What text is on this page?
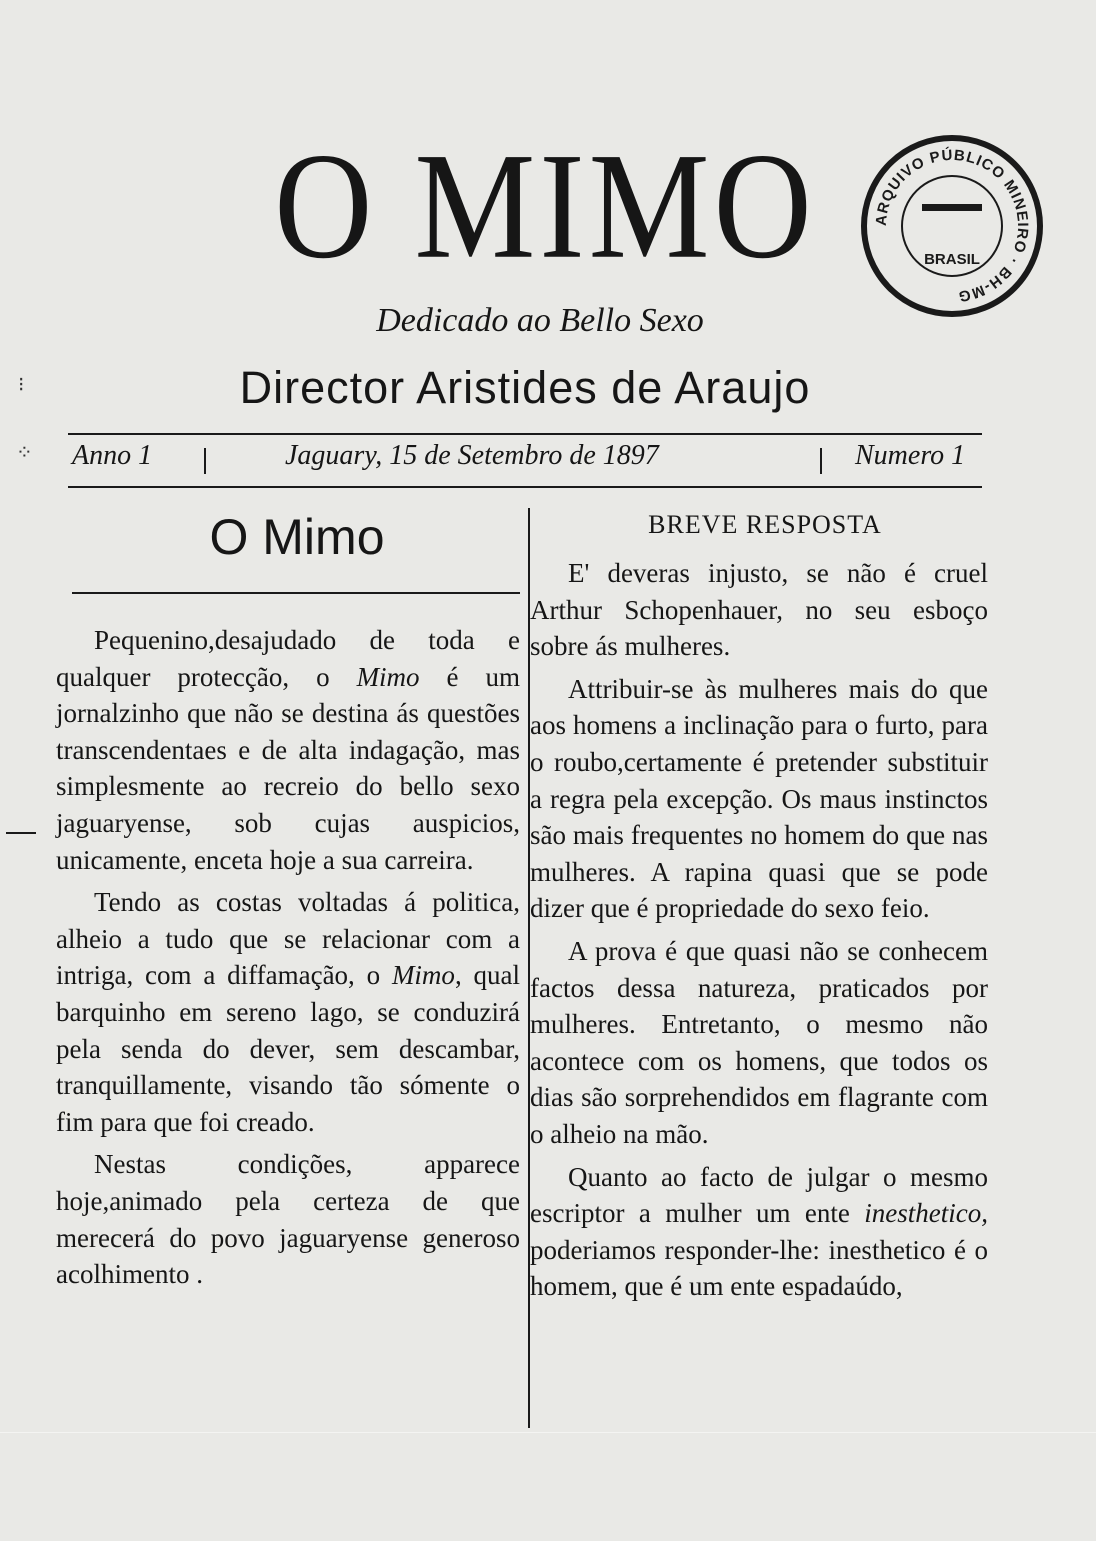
O MIMO	ARQUIVO PÚBLICO MINEIRO · BH-MG
BRASIL
Dedicado ao Bello Sexo
Director Aristides de Araujo
Anno 1	Jaguary, 15 de Setembro de 1897	Numero 1
O Mimo

Pequenino,desajudado de toda e qualquer protecção, o Mimo é um jornalzinho que não se destina ás questões transcendentaes e de alta indagação, mas simplesmente ao recreio do bello sexo jaguaryense, sob cujas auspicios, unicamente, enceta hoje a sua carreira.

Tendo as costas voltadas á politica, alheio a tudo que se relacionar com a intriga, com a diffamação, o Mimo, qual barquinho em sereno lago, se conduzirá pela senda do dever, sem descambar, tranquillamente, visando tão sómente o fim para que foi creado.

Nestas condições, apparece hoje,animado pela certeza de que merecerá do povo jaguaryense generoso acolhimento .

BREVE RESPOSTA

E' deveras injusto, se não é cruel Arthur Schopenhauer, no seu esboço sobre ás mulheres.

Attribuir-se às mulheres mais do que aos homens a inclinação para o furto, para o roubo,certamente é pretender substituir a regra pela excepção. Os maus instinctos são mais frequentes no homem do que nas mulheres. A rapina quasi que se pode dizer que é propriedade do sexo feio.

A prova é que quasi não se conhecem factos dessa natureza, praticados por mulheres. Entretanto, o mesmo não acontece com os homens, que todos os dias são sorprehendidos em flagrante com o alheio na mão.

Quanto ao facto de julgar o mesmo escriptor a mulher um ente inesthetico, poderiamos responder-lhe: inesthetico é o homem, que é um ente espadaúdo,

⁝
⁘
